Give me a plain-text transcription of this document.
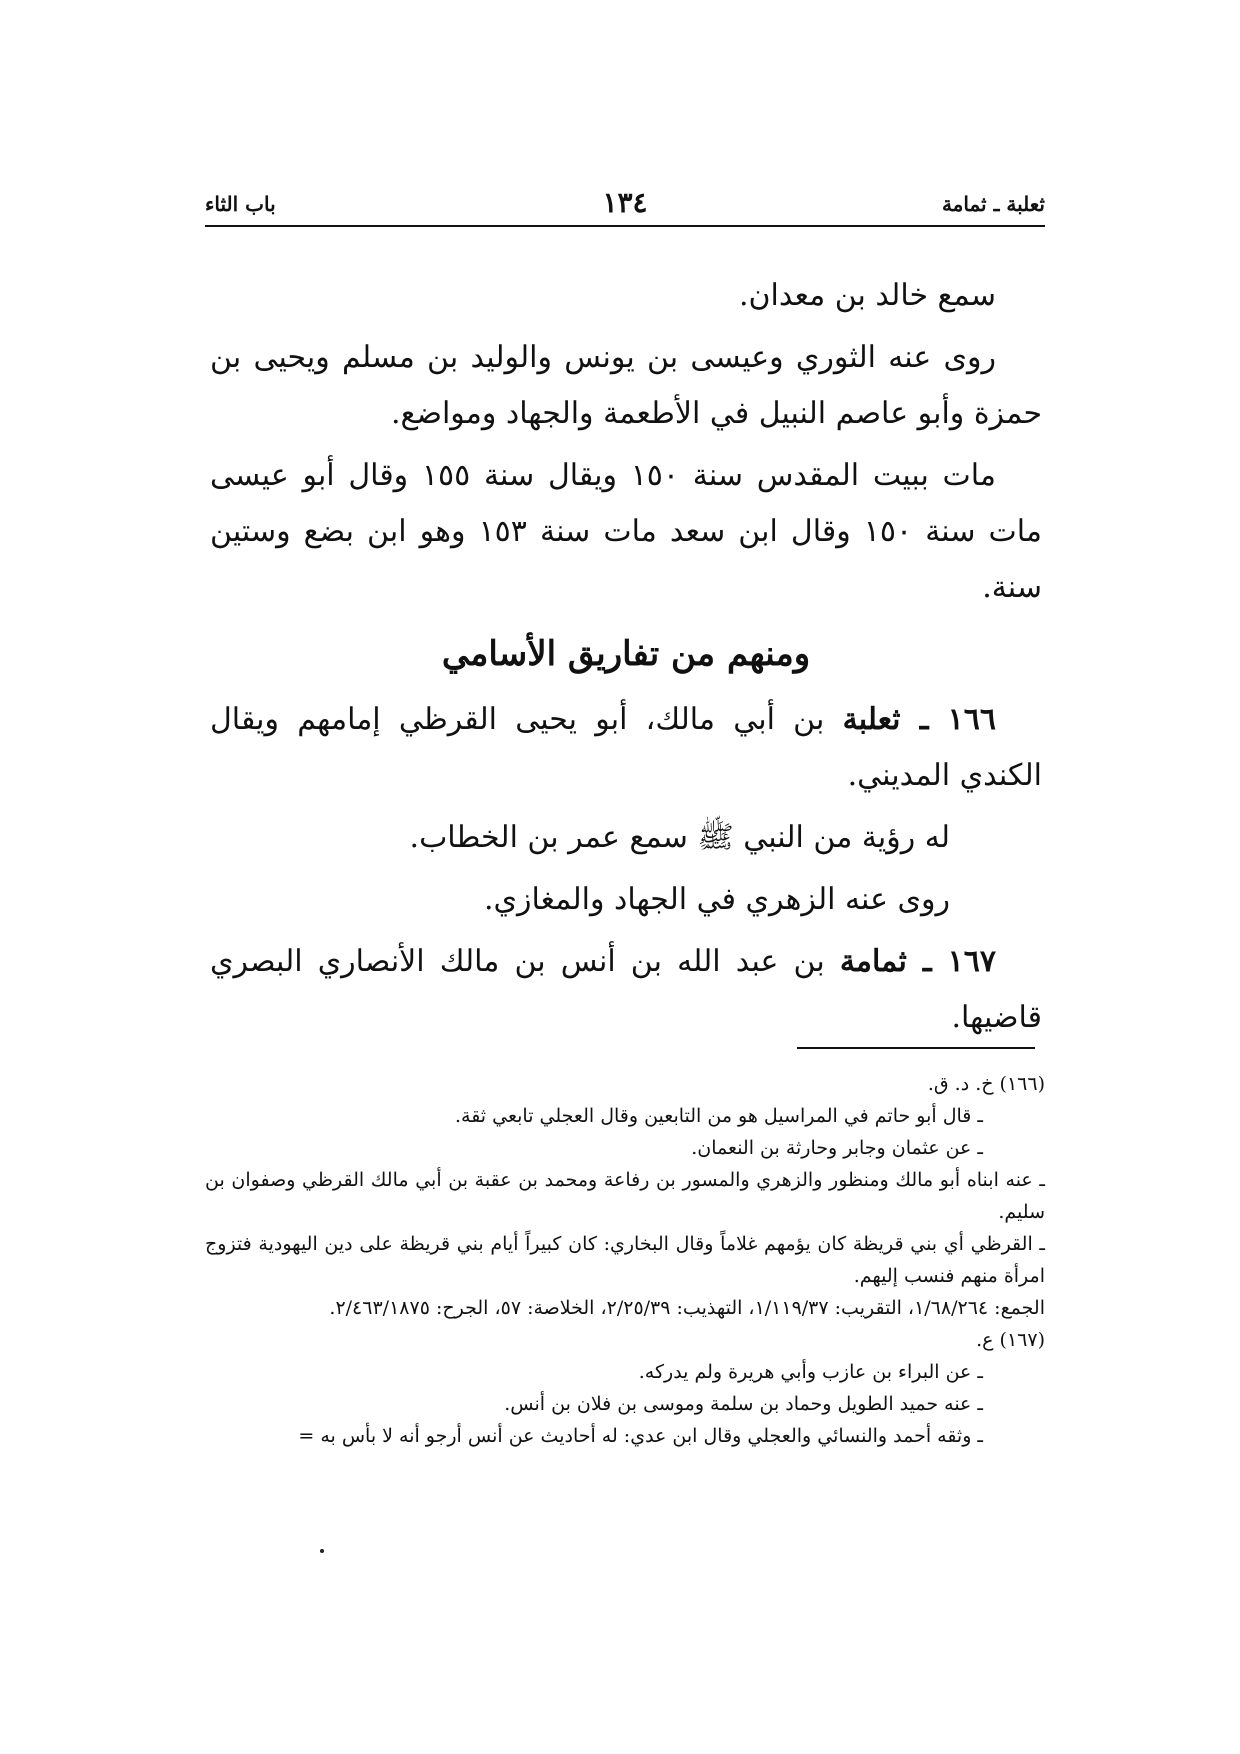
ثعلبة ـ ثمامة
١٣٤
باب الثاء

سمع خالد بن معدان.

روى عنه الثوري وعيسى بن يونس والوليد بن مسلم ويحيى بن حمزة وأبو عاصم النبيل في الأطعمة والجهاد ومواضع.

مات ببيت المقدس سنة ١٥٠ ويقال سنة ١٥٥ وقال أبو عيسى مات سنة ١٥٠ وقال ابن سعد مات سنة ١٥٣ وهو ابن بضع وستين سنة.

ومنهم من تفاريق الأسامي

١٦٦ ـ ثعلبة بن أبي مالك، أبو يحيى القرظي إمامهم ويقال الكندي المديني.

له رؤية من النبي ﷺ سمع عمر بن الخطاب.

روى عنه الزهري في الجهاد والمغازي.

١٦٧ ـ ثمامة بن عبد الله بن أنس بن مالك الأنصاري البصري قاضيها.

(١٦٦) خ. د. ق.

ـ قال أبو حاتم في المراسيل هو من التابعين وقال العجلي تابعي ثقة.

ـ عن عثمان وجابر وحارثة بن النعمان.

ـ عنه ابناه أبو مالك ومنظور والزهري والمسور بن رفاعة ومحمد بن عقبة بن أبي مالك القرظي وصفوان بن سليم.

ـ القرظي أي بني قريظة كان يؤمهم غلاماً وقال البخاري: كان كبيراً أيام بني قريظة على دين اليهودية فتزوج امرأة منهم فنسب إليهم.

الجمع: ١/٦٨/٢٦٤، التقريب: ١/١١٩/٣٧، التهذيب: ٢/٢٥/٣٩، الخلاصة: ٥٧، الجرح: ٢/٤٦٣/١٨٧٥.

(١٦٧) ع.

ـ عن البراء بن عازب وأبي هريرة ولم يدركه.

ـ عنه حميد الطويل وحماد بن سلمة وموسى بن فلان بن أنس.

ـ وثقه أحمد والنسائي والعجلي وقال ابن عدي: له أحاديث عن أنس أرجو أنه لا بأس به =
